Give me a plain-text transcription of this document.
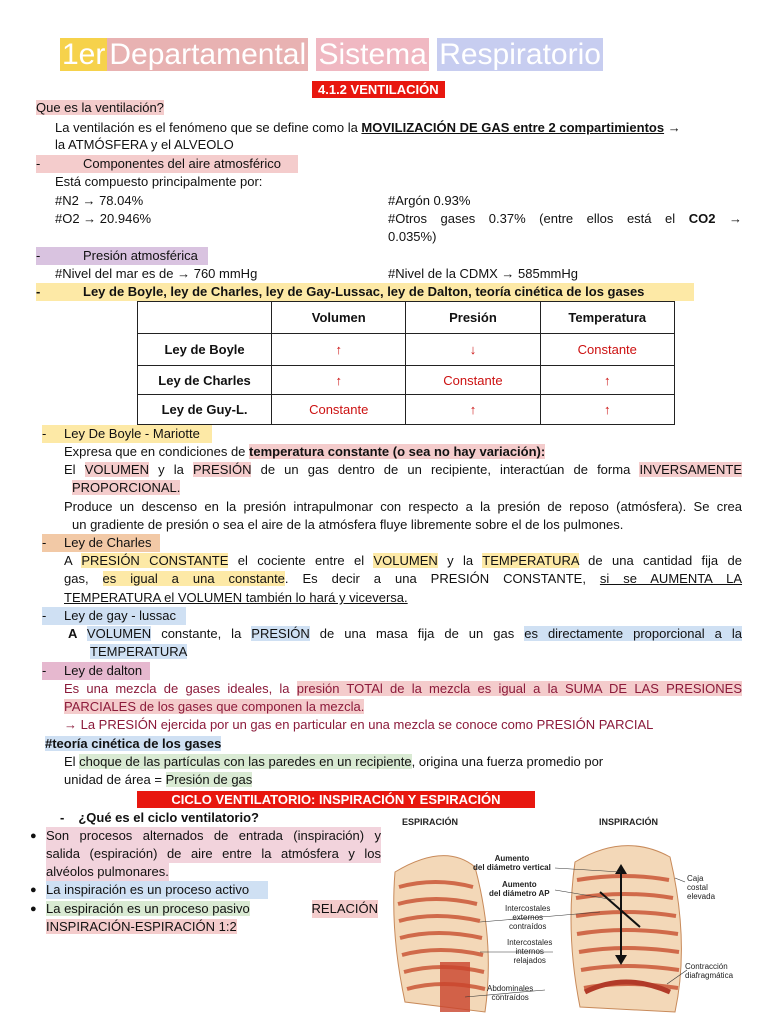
1er Departamental Sistema Respiratorio
4.1.2 VENTILACIÓN
Que es la ventilación?
La ventilación es el fenómeno que se define como la MOVILIZACIÓN DE GAS entre 2 compartimientos →
la ATMÓSFERA y el ALVEOLO
-	Componentes del aire atmosférico
Está compuesto principalmente por:
#N2 → 78.04%
#O2 → 20.946%
#Argón 0.93%
#Otros gases 0.37% (entre ellos está el CO2 →
0.035%)
-	Presión atmosférica
#Nivel del mar es de → 760 mmHg	#Nivel de la CDMX → 585mmHg
-	Ley de Boyle, ley de Charles, ley de Gay-Lussac, ley de Dalton, teoría cinética de los gases
	Volumen	Presión	Temperatura
Ley de Boyle	↑	↓	Constante
Ley de Charles	↑	Constante	↑
Ley de Guy-L.	Constante	↑	↑
- Ley De Boyle - Mariotte
Expresa que en condiciones de temperatura constante (o sea no hay variación):
El VOLUMEN y la PRESIÓN de un gas dentro de un recipiente, interactúan de forma INVERSAMENTE
PROPORCIONAL.
Produce un descenso en la presión intrapulmonar con respecto a la presión de reposo (atmósfera). Se crea
un gradiente de presión o sea el aire de la atmósfera fluye libremente sobre el de los pulmones.
- Ley de Charles
A PRESIÓN CONSTANTE el cociente entre el VOLUMEN y la TEMPERATURA de una cantidad fija de
gas, es igual a una constante. Es decir a una PRESIÓN CONSTANTE, si se AUMENTA LA
TEMPERATURA el VOLUMEN también lo hará y viceversa.
- Ley de gay - lussac
A VOLUMEN constante, la PRESIÓN de una masa fija de un gas es directamente proporcional a la
TEMPERATURA
- Ley de dalton
Es una mezcla de gases ideales, la presión TOTAl de la mezcla es igual a la SUMA DE LAS PRESIONES
PARCIALES de los gases que componen la mezcla.
→ La PRESIÓN ejercida por un gas en particular en una mezcla se conoce como PRESIÓN PARCIAL
#teoría cinética de los gases
El choque de las partículas con las paredes en un recipiente, origina una fuerza promedio por
unidad de área = Presión de gas
CICLO VENTILATORIO: INSPIRACIÓN Y ESPIRACIÓN
- ¿Qué es el ciclo ventilatorio?
Son procesos alternados de entrada (inspiración) y
salida (espiración) de aire entre la atmósfera y los
alvéolos pulmonares.
La inspiración es un proceso activo
La espiración es un proceso pasivo	RELACIÓN
INSPIRACIÓN-ESPIRACIÓN 1:2
ESPIRACIÓN	INSPIRACIÓN
Aumento
del diámetro vertical
Aumento
del diámetro AP
Intercostales
externos
contraídos
Intercostales
internos
relajados
Abdominales
contraídos
Caja
costal
elevada
Contracción
diafragmática
